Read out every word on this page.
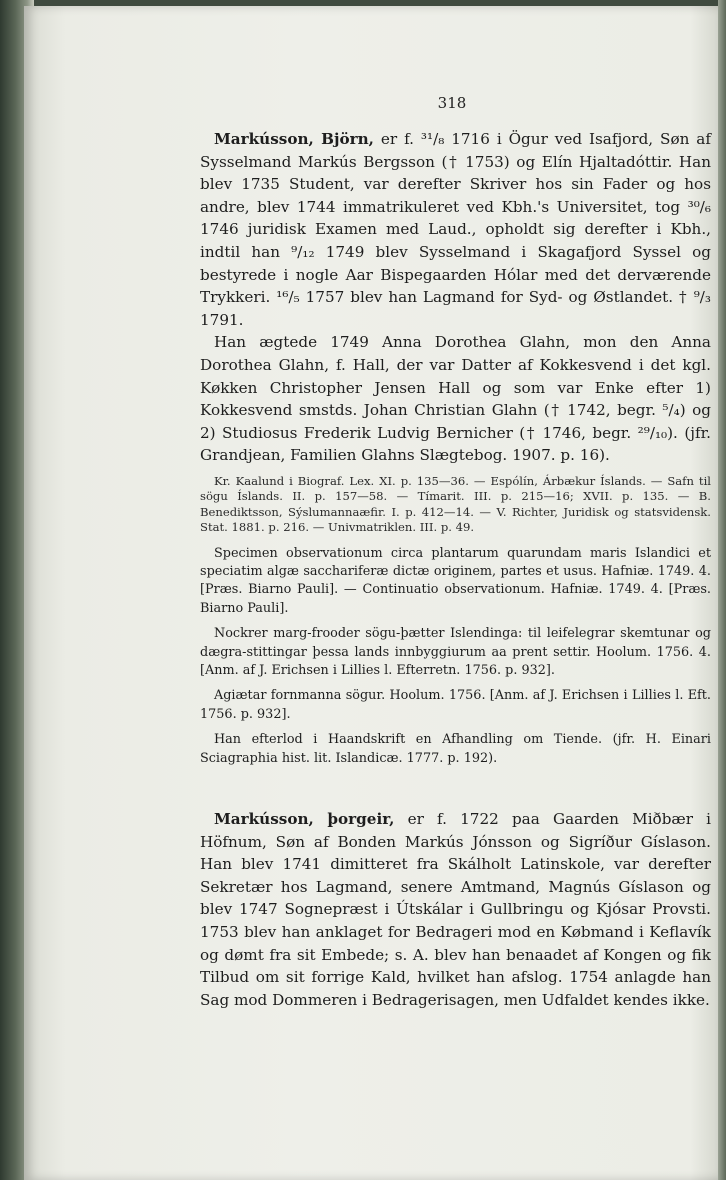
318

Markússon, Björn, er f. ³¹/₈ 1716 i Ögur ved Isafjord, Søn af Sysselmand Markús Bergsson († 1753) og Elín Hjaltadóttir. Han blev 1735 Student, var derefter Skriver hos sin Fader og hos andre, blev 1744 immatrikuleret ved Kbh.'s Universitet, tog ³⁰/₆ 1746 juridisk Examen med Laud., opholdt sig derefter i Kbh., indtil han ⁹/₁₂ 1749 blev Sysselmand i Skagafjord Syssel og bestyrede i nogle Aar Bispegaarden Hólar med det derværende Trykkeri. ¹⁶/₅ 1757 blev han Lagmand for Syd- og Østlandet. † ⁹/₃ 1791.

Han ægtede 1749 Anna Dorothea Glahn, mon den Anna Dorothea Glahn, f. Hall, der var Datter af Kokkesvend i det kgl. Køkken Christopher Jensen Hall og som var Enke efter 1) Kokkesvend smstds. Johan Christian Glahn († 1742, begr. ⁵/₄) og 2) Studiosus Frederik Ludvig Bernicher († 1746, begr. ²⁹/₁₀). (jfr. Grandjean, Familien Glahns Slægtebog. 1907. p. 16).

Kr. Kaalund i Biograf. Lex. XI. p. 135—36. — Espólín, Árbækur Íslands. — Safn til sögu Íslands. II. p. 157—58. — Tímarit. III. p. 215—16; XVII. p. 135. — B. Benediktsson, Sýslumannaæfir. I. p. 412—14. — V. Richter, Juridisk og statsvidensk. Stat. 1881. p. 216. — Univmatriklen. III. p. 49.

Specimen observationum circa plantarum quarundam maris Islandici et speciatim algæ sacchariferæ dictæ originem, partes et usus. Hafniæ. 1749. 4. [Præs. Biarno Pauli]. — Continuatio observationum. Hafniæ. 1749. 4. [Præs. Biarno Pauli].

Nockrer marg-frooder sögu-þætter Islendinga: til leifelegrar skemtunar og dægra-stittingar þessa lands innbyggiurum aa prent settir. Hoolum. 1756. 4. [Anm. af J. Erichsen i Lillies l. Efterretn. 1756. p. 932].

Agiætar fornmanna sögur. Hoolum. 1756. [Anm. af J. Erichsen i Lillies l. Eft. 1756. p. 932].

Han efterlod i Haandskrift en Afhandling om Tiende. (jfr. H. Einari Sciagraphia hist. lit. Islandicæ. 1777. p. 192).

Markússon, þorgeir, er f. 1722 paa Gaarden Miðbær i Höfnum, Søn af Bonden Markús Jónsson og Sigríður Gíslason. Han blev 1741 dimitteret fra Skálholt Latinskole, var derefter Sekretær hos Lagmand, senere Amtmand, Magnús Gíslason og blev 1747 Sognepræst i Útskálar i Gullbringu og Kjósar Provsti. 1753 blev han anklaget for Bedrageri mod en Købmand i Keflavík og dømt fra sit Embede; s. A. blev han benaadet af Kongen og fik Tilbud om sit forrige Kald, hvilket han afslog. 1754 anlagde han Sag mod Dommeren i Bedragerisagen, men Udfaldet kendes ikke.
